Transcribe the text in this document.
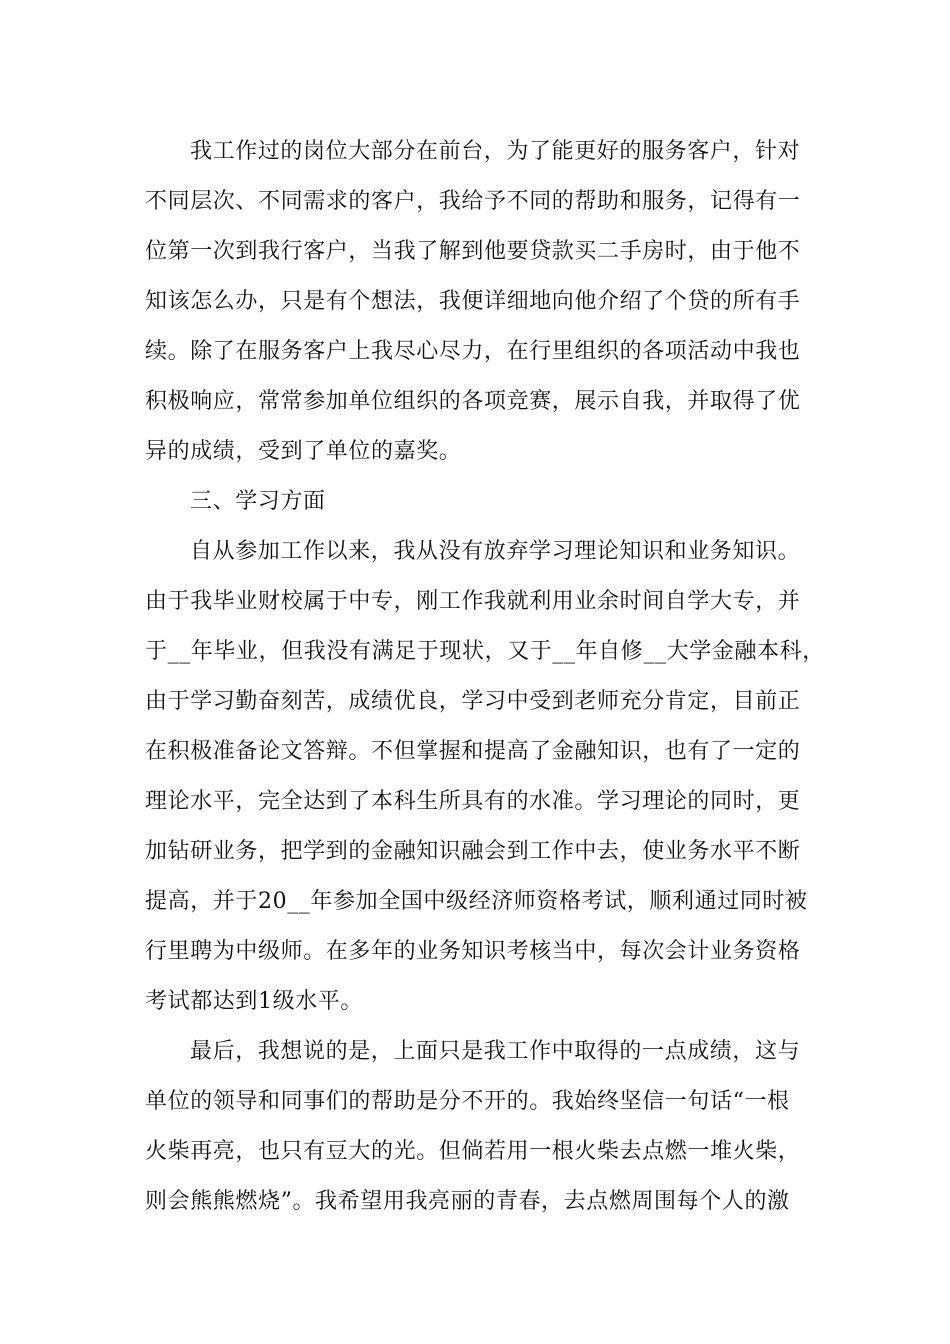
我工作过的岗位大部分在前台，为了能更好的服务客户，针对
不同层次、不同需求的客户，我给予不同的帮助和服务，记得有一
位第一次到我行客户，当我了解到他要贷款买二手房时，由于他不
知该怎么办，只是有个想法，我便详细地向他介绍了个贷的所有手
续。除了在服务客户上我尽心尽力，在行里组织的各项活动中我也
积极响应，常常参加单位组织的各项竞赛，展示自我，并取得了优
异的成绩，受到了单位的嘉奖。
三、学习方面
自从参加工作以来，我从没有放弃学习理论知识和业务知识。
由于我毕业财校属于中专，刚工作我就利用业余时间自学大专，并
于__年毕业，但我没有满足于现状，又于__年自修__大学金融本科，
由于学习勤奋刻苦，成绩优良，学习中受到老师充分肯定，目前正
在积极准备论文答辩。不但掌握和提高了金融知识，也有了一定的
理论水平，完全达到了本科生所具有的水准。学习理论的同时，更
加钻研业务，把学到的金融知识融会到工作中去，使业务水平不断
提高，并于20__年参加全国中级经济师资格考试，顺利通过同时被
行里聘为中级师。在多年的业务知识考核当中，每次会计业务资格
考试都达到1级水平。
最后，我想说的是，上面只是我工作中取得的一点成绩，这与
单位的领导和同事们的帮助是分不开的。我始终坚信一句话“一根
火柴再亮，也只有豆大的光。但倘若用一根火柴去点燃一堆火柴，
则会熊熊燃烧”。我希望用我亮丽的青春，去点燃周围每个人的激
